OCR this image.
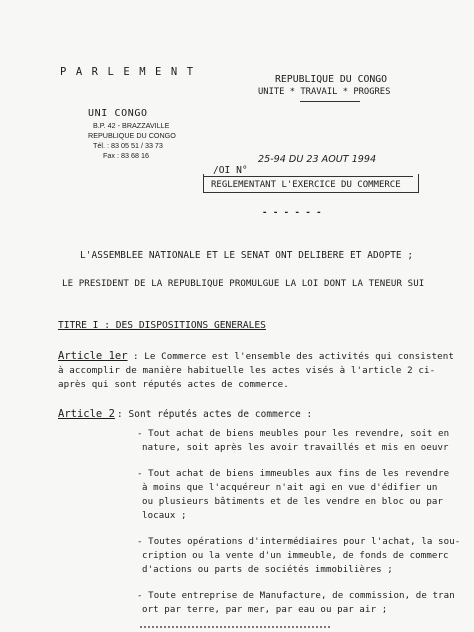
P A R L E M E N T
UNI CONGO
B.P. 42 - BRAZZAVILLE
REPUBLIQUE DU CONGO
Tél. : 83 05 51 / 33 73
Fax : 83 68 16
REPUBLIQUE DU CONGO
UNITE * TRAVAIL * PROGRES
/OI N°
25-94 DU 23 AOUT 1994
REGLEMENTANT L'EXERCICE DU COMMERCE
- - - - - -
L'ASSEMBLEE NATIONALE ET LE SENAT ONT DELIBERE ET ADOPTE ;
LE PRESIDENT DE LA REPUBLIQUE PROMULGUE LA LOI DONT LA TENEUR SUI
TITRE I : DES DISPOSITIONS GENERALES
Article 1er : Le Commerce est l'ensemble des activités qui consistent
à accomplir de manière habituelle les actes visés à l'article 2 ci-
après qui sont réputés actes de commerce.
Article 2 : Sont réputés actes de commerce :
- Tout achat de biens meubles pour les revendre, soit en
nature, soit après les avoir travaillés et mis en oeuvr
- Tout achat de biens immeubles aux fins de les revendre
à moins que l'acquéreur n'ait agi en vue d'édifier un
ou plusieurs bâtiments et de les vendre en bloc ou par
locaux ;
- Toutes opérations d'intermédiaires pour l'achat, la sou-
cription ou la vente d'un immeuble, de fonds de commerc
d'actions ou parts de sociétés immobilières ;
- Toute entreprise de Manufacture, de commission, de tran
ort par terre, par mer, par eau ou par air ;
